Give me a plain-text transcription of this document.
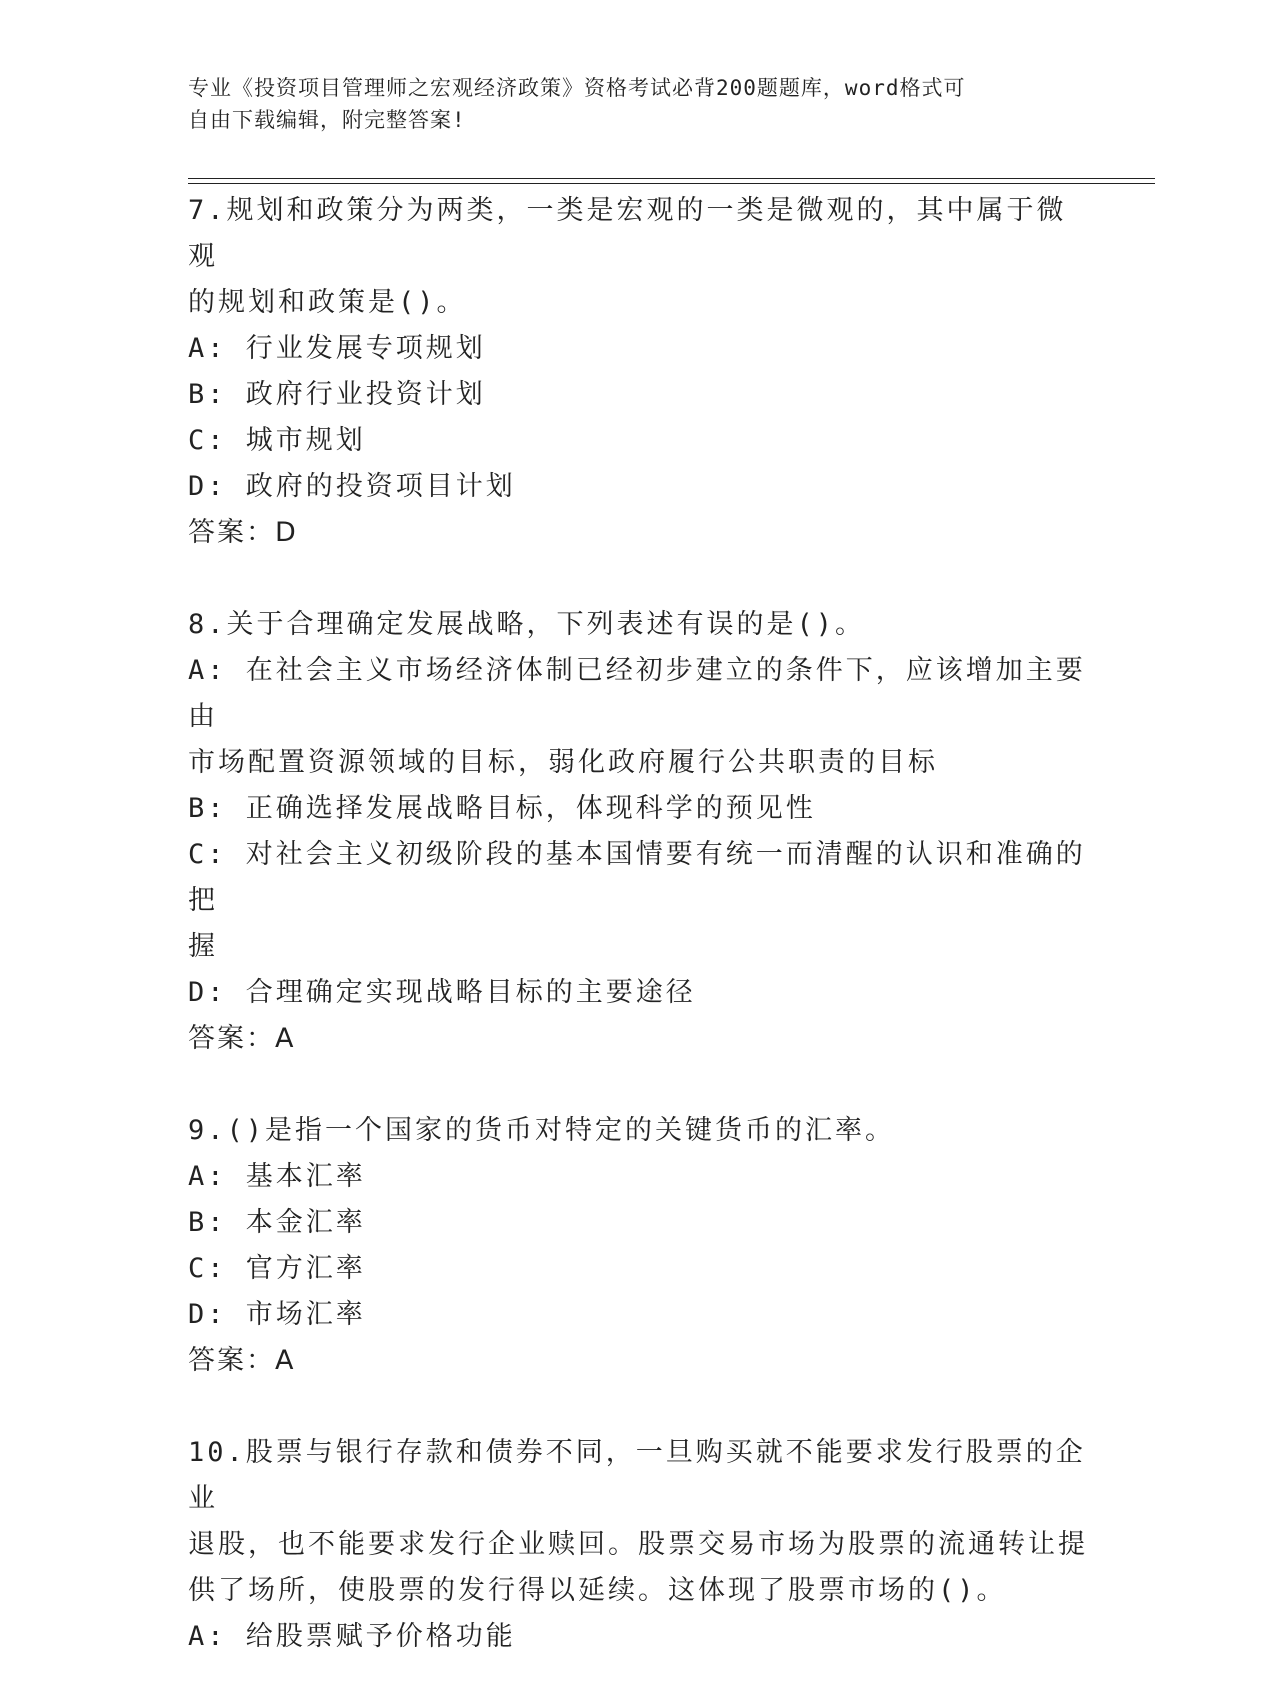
专业《投资项目管理师之宏观经济政策》资格考试必背200题题库，word格式可
自由下载编辑，附完整答案!
7.规划和政策分为两类，一类是宏观的一类是微观的，其中属于微观
的规划和政策是()。
A: 行业发展专项规划
B: 政府行业投资计划
C: 城市规划
D: 政府的投资项目计划
答案：D
8.关于合理确定发展战略，下列表述有误的是()。
A: 在社会主义市场经济体制已经初步建立的条件下，应该增加主要由
市场配置资源领域的目标，弱化政府履行公共职责的目标
B: 正确选择发展战略目标，体现科学的预见性
C: 对社会主义初级阶段的基本国情要有统一而清醒的认识和准确的把
握
D: 合理确定实现战略目标的主要途径
答案：A
9.()是指一个国家的货币对特定的关键货币的汇率。
A: 基本汇率
B: 本金汇率
C: 官方汇率
D: 市场汇率
答案：A
10.股票与银行存款和债券不同，一旦购买就不能要求发行股票的企业
退股，也不能要求发行企业赎回。股票交易市场为股票的流通转让提
供了场所，使股票的发行得以延续。这体现了股票市场的()。
A: 给股票赋予价格功能
